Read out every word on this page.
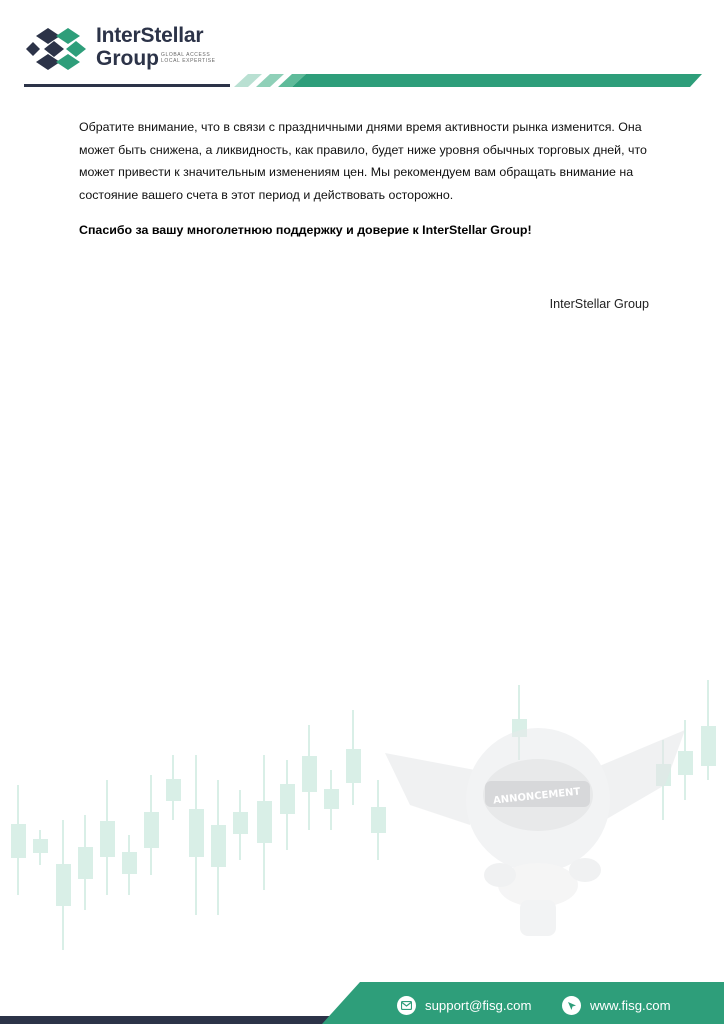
InterStellar
Group GLOBAL ACCESS
LOCAL EXPERTISE

Обратите внимание, что в связи с праздничными днями время активности рынка изменится. Она может быть снижена, а ликвидность, как правило, будет ниже уровня обычных торговых дней, что может привести к значительным изменениям цен. Мы рекомендуем вам обращать внимание на состояние вашего счета в этот период и действовать осторожно.

Спасибо за вашу многолетнюю поддержку и доверие к InterStellar Group!

InterStellar Group
ANNONCEMENT
support@fisg.com	www.fisg.com
